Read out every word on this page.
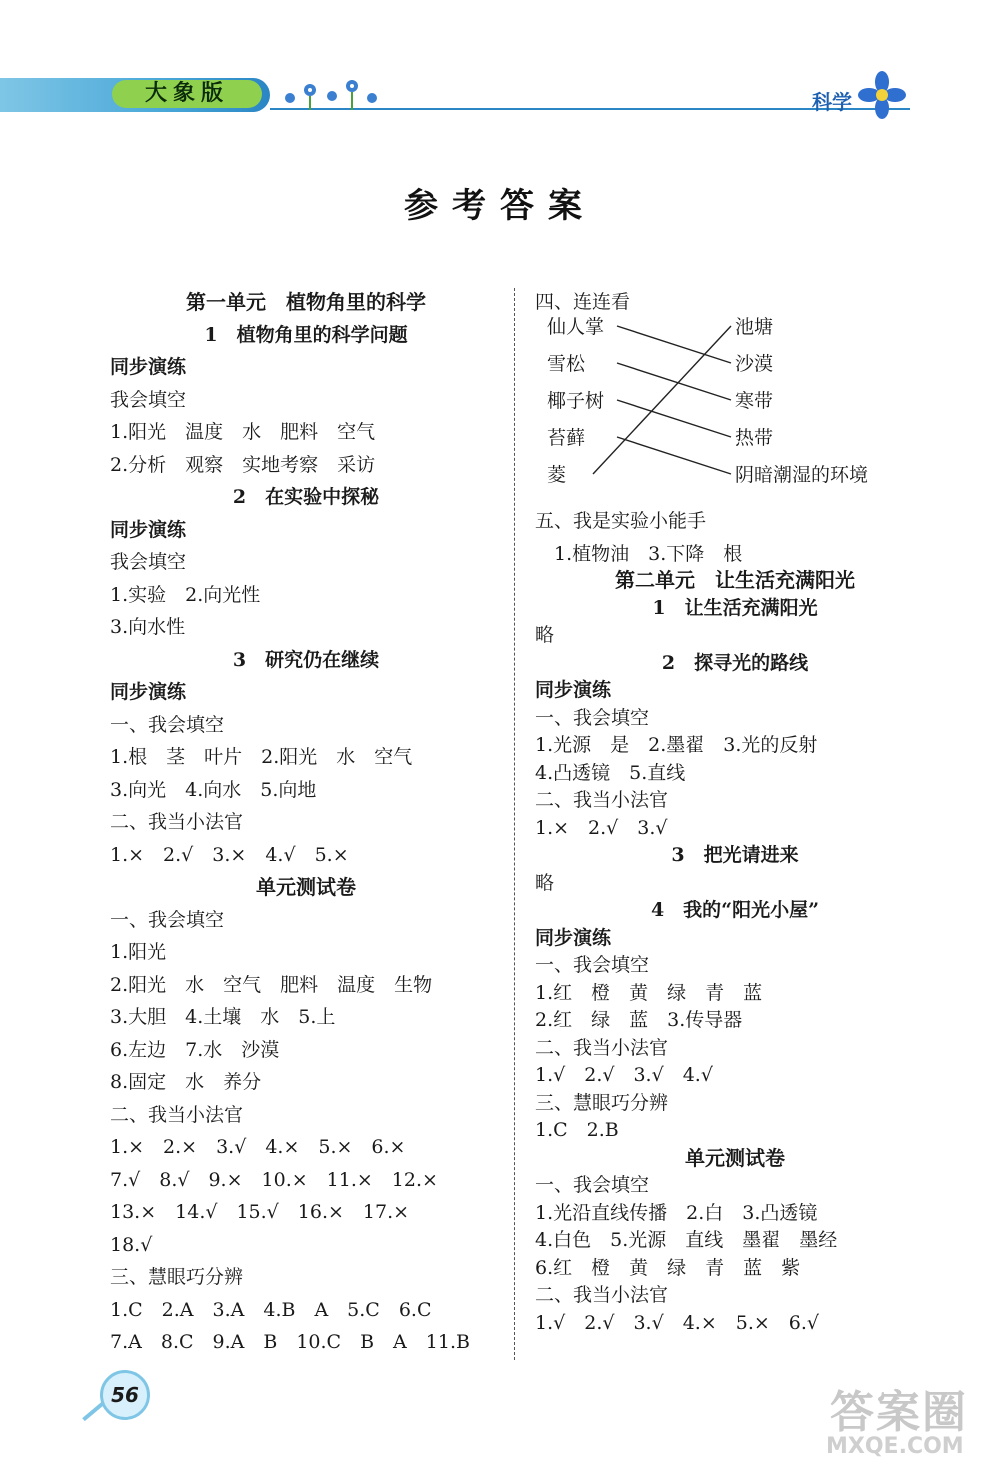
大象版	科学
参考答案
第一单元　植物角里的科学
1　植物角里的科学问题
同步演练
我会填空
1.阳光　温度　水　肥料　空气
2.分析　观察　实地考察　采访
2　在实验中探秘
同步演练
我会填空
1.实验　2.向光性
3.向水性
3　研究仍在继续
同步演练
一、我会填空
1.根　茎　叶片　2.阳光　水　空气
3.向光　4.向水　5.向地
二、我当小法官
1.×　2.√　3.×　4.√　5.×
单元测试卷
一、我会填空
1.阳光
2.阳光　水　空气　肥料　温度　生物
3.大胆　4.土壤　水　5.上
6.左边　7.水　沙漠
8.固定　水　养分
二、我当小法官
1.×　2.×　3.√　4.×　5.×　6.×
7.√　8.√　9.×　10.×　11.×　12.×
13.×　14.√　15.√　16.×　17.×
18.√
三、慧眼巧分辨
1.C　2.A　3.A　4.B　A　5.C　6.C
7.A　8.C　9.A　B　10.C　B　A　11.B
四、连连看
仙人掌
雪松
椰子树
苔藓
菱
池塘
沙漠
寒带
热带
阴暗潮湿的环境
五、我是实验小能手
　1.植物油　3.下降　根
第二单元　让生活充满阳光
1　让生活充满阳光
略
2　探寻光的路线
同步演练
一、我会填空
1.光源　是　2.墨翟　3.光的反射
4.凸透镜　5.直线
二、我当小法官
1.×　2.√　3.√
3　把光请进来
略
4　我的“阳光小屋”
同步演练
一、我会填空
1.红　橙　黄　绿　青　蓝
2.红　绿　蓝　3.传导器
二、我当小法官
1.√　2.√　3.√　4.√
三、慧眼巧分辨
1.C　2.B
单元测试卷
一、我会填空
1.光沿直线传播　2.白　3.凸透镜
4.白色　5.光源　直线　墨翟　墨经
6.红　橙　黄　绿　青　蓝　紫
二、我当小法官
1.√　2.√　3.√　4.×　5.×　6.√
56	答案圈
MXQE.COM
